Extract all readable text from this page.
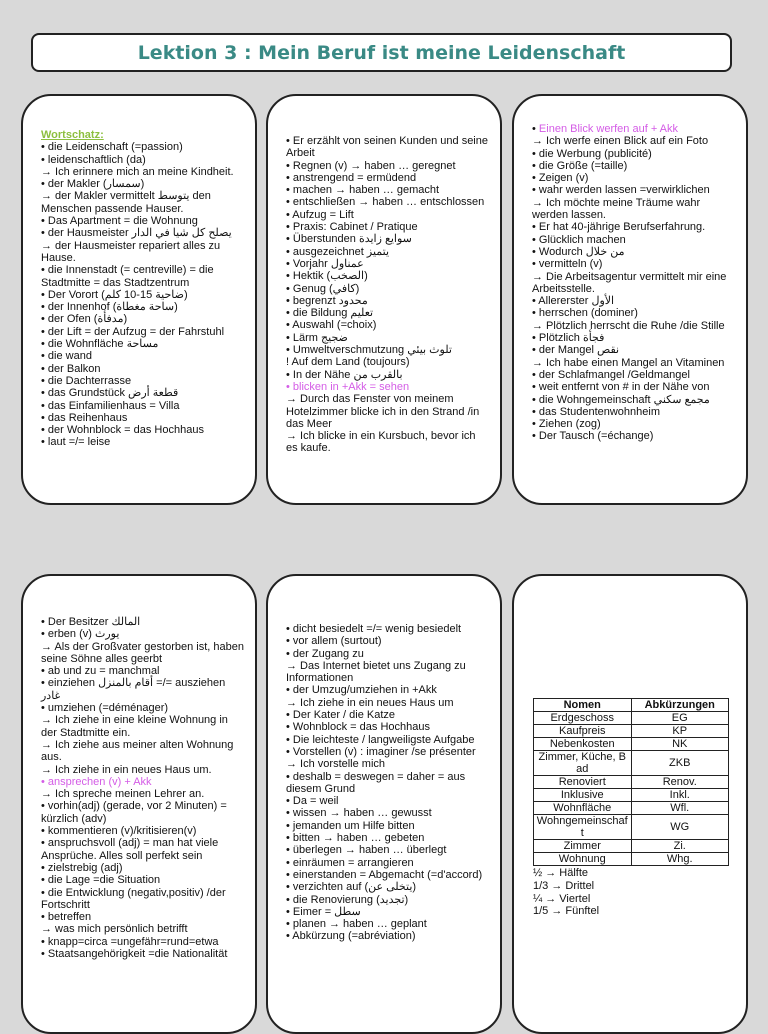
Lektion 3 : Mein Beruf ist meine Leidenschaft
Wortschatz:
• die Leidenschaft (=passion)
• leidenschaftlich (da)
→ Ich erinnere mich an meine Kindheit.
• der Makler (سمسار)
→ der Makler vermittelt يتوسط den Menschen passende Hauser.
• Das Apartment = die Wohnung
• der Hausmeister يصلح كل شيا في الدار
→ der Hausmeister repariert alles zu Hause.
• die Innenstadt (= centreville) = die Stadtmitte = das Stadtzentrum
• Der Vorort (ضاحية 15-10 كلم)
• der Innenhof (ساحة مغطاة)
• der Ofen (مدفأة)
• der Lift = der Aufzug = der Fahrstuhl
• die Wohnfläche مساحة
• die wand
• der Balkon
• die Dachterrasse
• das Grundstück قطعة أرض
• das Einfamilienhaus = Villa
• das Reihenhaus
• der Wohnblock = das Hochhaus
• laut =/= leise
• Er erzählt von seinen Kunden und seine Arbeit
• Regnen (v) → haben … geregnet
• anstrengend = ermüdend
• machen → haben … gemacht
• entschließen → haben … entschlossen
• Aufzug = Lift
• Praxis: Cabinet / Pratique
• Überstunden سوايع زايدة
• ausgezeichnet يتميز
• Vorjahr عمناول
• Hektik (الصخب)
• Genug (كافي)
• begrenzt محدود
• die Bildung تعليم
• Auswahl (=choix)
• Lärm ضجيج
• Umweltverschmutzung تلوث بيئي
! Auf dem Land (toujours)
• In der Nähe بالقرب من
• blicken in +Akk = sehen
→ Durch das Fenster von meinem Hotelzimmer blicke ich in den Strand /in das Meer
→ Ich blicke in ein Kursbuch, bevor ich es kaufe.
• Einen Blick werfen auf + Akk
→ Ich werfe einen Blick auf ein Foto
• die Werbung (publicité)
• die Größe (=taille)
• Zeigen (v)
• wahr werden lassen =verwirklichen
→ Ich möchte meine Träume wahr werden lassen.
• Er hat 40-jährige Berufserfahrung.
• Glücklich machen
• Wodurch من خلال
• vermitteln (v)
→ Die Arbeitsagentur vermittelt mir eine Arbeitsstelle.
• Allererster الأول
• herrschen (dominer)
→ Plötzlich herrscht die Ruhe /die Stille
• Plötzlich فجأة
• der Mangel نقص
→ Ich habe einen Mangel an Vitaminen
• der Schlafmangel /Geldmangel
• weit entfernt von # in der Nähe von
• die Wohngemeinschaft مجمع سكني
• das Studentenwohnheim
• Ziehen (zog)
• Der Tausch (=échange)
• Der Besitzer المالك
• erben (v) يورث
→ Als der Großvater gestorben ist, haben seine Söhne alles geerbt
• ab und zu = manchmal
• einziehen أقام بالمنزل =/= ausziehen غادر
• umziehen (=déménager)
→ Ich ziehe in eine kleine Wohnung in der Stadtmitte ein.
→ Ich ziehe aus meiner alten Wohnung aus.
→ Ich ziehe in ein neues Haus um.
• ansprechen (v) + Akk
→ Ich spreche meinen Lehrer an.
• vorhin(adj) (gerade, vor 2 Minuten) = kürzlich (adv)
• kommentieren (v)/kritisieren(v)
• anspruchsvoll (adj) = man hat viele Ansprüche. Alles soll perfekt sein
• zielstrebig (adj)
• die Lage =die Situation
• die Entwicklung (negativ,positiv) /der Fortschritt
• betreffen
→ was mich persönlich betrifft
• knapp=circa =ungefähr=rund=etwa
• Staatsangehörigkeit =die Nationalität
• dicht besiedelt =/= wenig besiedelt
• vor allem (surtout)
• der Zugang zu
→ Das Internet bietet uns Zugang zu Informationen
• der Umzug/umziehen in +Akk
→ Ich ziehe in ein neues Haus um
• Der Kater / die Katze
• Wohnblock = das Hochhaus
• Die leichteste / langweiligste Aufgabe
• Vorstellen (v) : imaginer /se présenter
→ Ich vorstelle mich
• deshalb = deswegen = daher = aus diesem Grund
• Da = weil
• wissen → haben … gewusst
• jemanden um Hilfe bitten
• bitten → haben … gebeten
• überlegen → haben … überlegt
• einräumen = arrangieren
• einerstanden = Abgemacht (=d'accord)
• verzichten auf (يتخلى عن)
• die Renovierung (تجديد)
• Eimer = سطل
• planen → haben … geplant
• Abkürzung (=abréviation)
Nomen	Abkürzungen
Erdgeschoss	EG
Kaufpreis	KP
Nebenkosten	NK
Zimmer, Küche, Bad	ZKB
Renoviert	Renov.
Inklusive	Inkl.
Wohnfläche	Wfl.
Wohngemeinschaft	WG
Zimmer	Zi.
Wohnung	Whg.
½ → Hälfte
1/3 → Drittel
¼ → Viertel
1/5 → Fünftel
